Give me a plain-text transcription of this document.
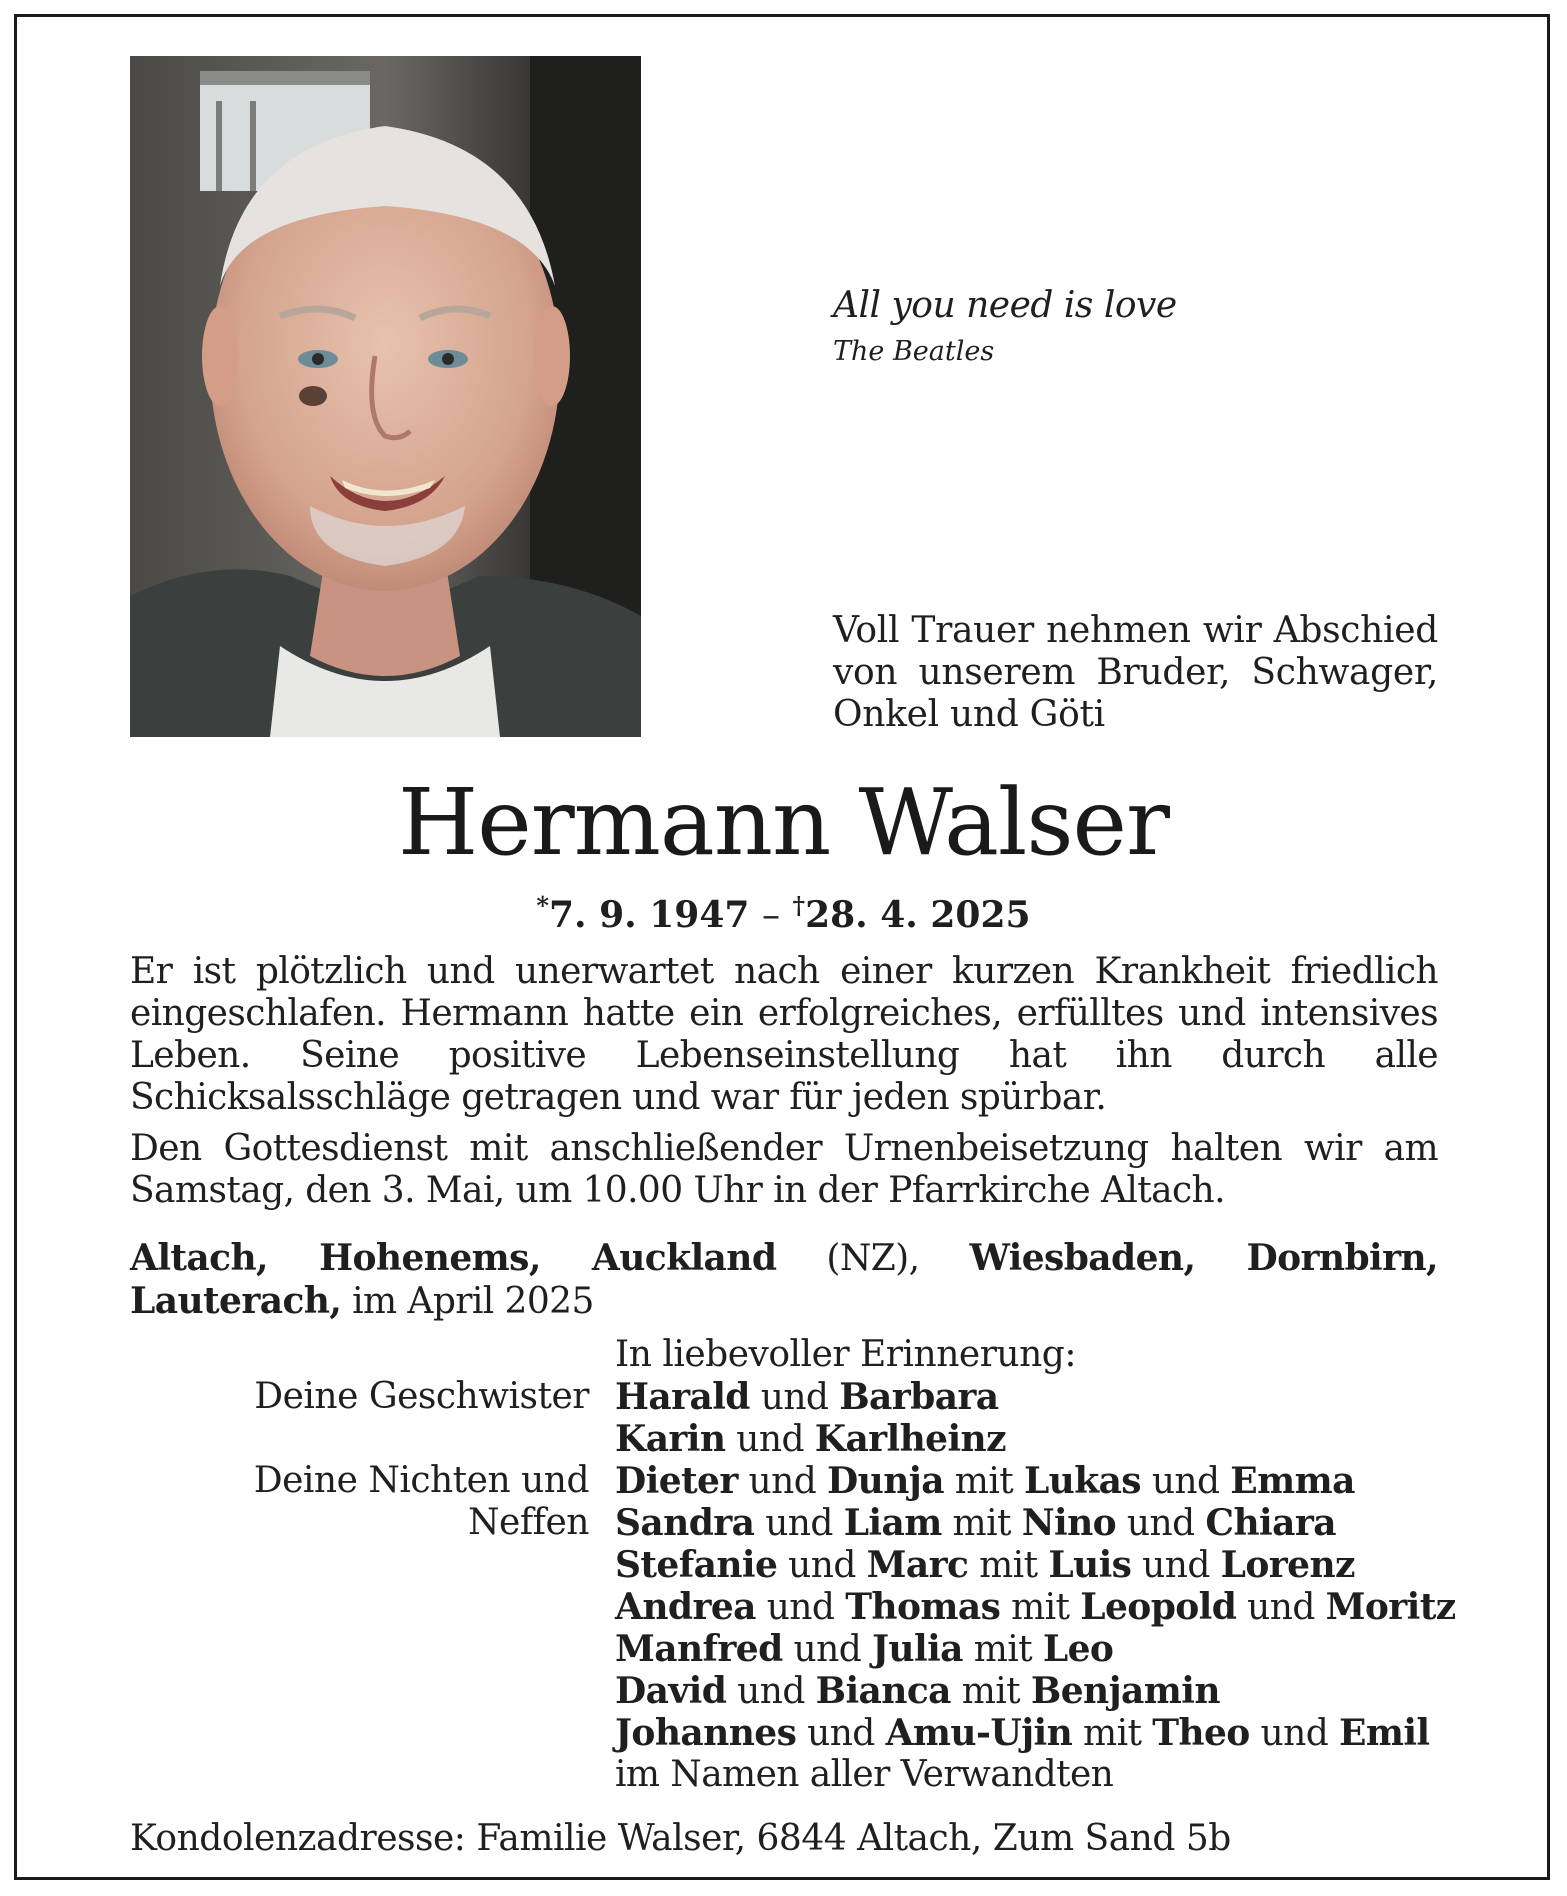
All you need is love
The Beatles
Voll Trauer nehmen wir Abschied von unserem Bruder, Schwager, Onkel und Göti
Hermann Walser
*7. 9. 1947 – †28. 4. 2025
Er ist plötzlich und unerwartet nach einer kurzen Krankheit friedlich eingeschlafen. Hermann hatte ein erfolgreiches, erfülltes und intensives Leben. Seine positive Lebenseinstellung hat ihn durch alle Schicksalsschläge getragen und war für jeden spürbar.
Den Gottesdienst mit anschließender Urnenbeisetzung halten wir am Samstag, den 3. Mai, um 10.00 Uhr in der Pfarrkirche Altach.
Altach, Hohenems, Auckland (NZ), Wiesbaden, Dornbirn, Lauterach, im April 2025
In liebevoller Erinnerung:
Deine Geschwister
Deine Nichten und Neffen
Harald und Barbara
Karin und Karlheinz
Dieter und Dunja mit Lukas und Emma
Sandra und Liam mit Nino und Chiara
Stefanie und Marc mit Luis und Lorenz
Andrea und Thomas mit Leopold und Moritz
Manfred und Julia mit Leo
David und Bianca mit Benjamin
Johannes und Amu-Ujin mit Theo und Emil
im Namen aller Verwandten
Kondolenzadresse: Familie Walser, 6844 Altach, Zum Sand 5b
